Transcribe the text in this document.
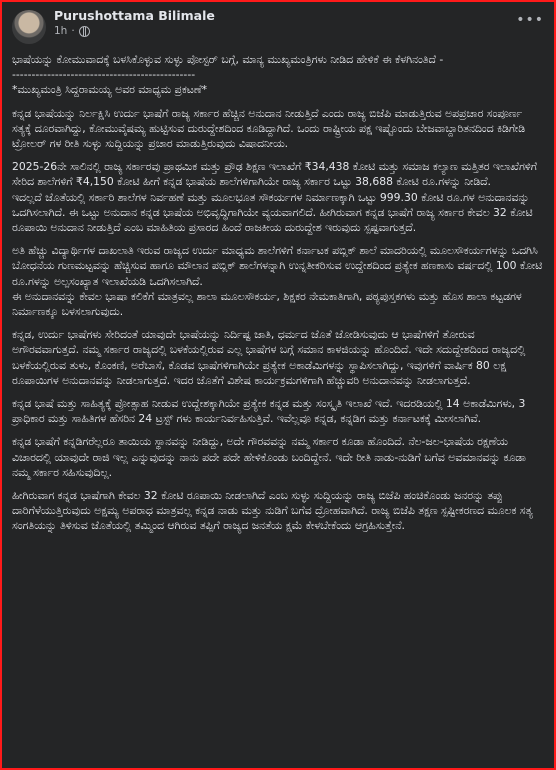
Purushottama Bilimale
1h ·
•••

ಭಾಷೆಯನ್ನು ಕೋಮುವಾದಕ್ಕೆ ಬಳಸಿಕೊಳ್ಳುವ ಸುಳ್ಳು ಪೋಸ್ಟರ್ ಬಗ್ಗೆ, ಮಾನ್ಯ ಮುಖ್ಯಮಂತ್ರಿಗಳು ನೀಡಿದ ಹೇಳಿಕೆ ಈ ಕೆಳಗಿನಂತಿದೆ -

-----------------------------------------------

*ಮುಖ್ಯಮಂತ್ರಿ ಸಿದ್ದರಾಮಯ್ಯ ಅವರ ಮಾಧ್ಯಮ ಪ್ರಕಟಣೆ*

ಕನ್ನಡ ಭಾಷೆಯನ್ನು ನಿರ್ಲಕ್ಷಿಸಿ ಉರ್ದು ಭಾಷೆಗೆ ರಾಜ್ಯ ಸರ್ಕಾರ ಹೆಚ್ಚಿನ ಅನುದಾನ ನೀಡುತ್ತಿದೆ ಎಂದು ರಾಜ್ಯ ಬಿಜೆಪಿ ಮಾಡುತ್ತಿರುವ ಅಪಪ್ರಚಾರ ಸಂಪೂರ್ಣ ಸತ್ಯಕ್ಕೆ ದೂರವಾಗಿದ್ದು, ಕೋಮುವೈಷಮ್ಯ ಹುಟ್ಟಿಸುವ ದುರುದ್ದೇಶದಿಂದ ಕೂಡಿದ್ದಾಗಿದೆ. ಒಂದು ರಾಷ್ಟ್ರೀಯ ಪಕ್ಷ ಇಷ್ಟೊಂದು ಬೇಜವಾಬ್ದಾರಿತನದಿಂದ ಕಿಡಿಗೇಡಿ ಟ್ರೋಲರ್ ಗಳ ರೀತಿ ಸುಳ್ಳು ಸುದ್ದಿಯನ್ನು ಪ್ರಚಾರ ಮಾಡುತ್ತಿರುವುದು ವಿಷಾದನೀಯ.

2025-26ನೇ ಸಾಲಿನಲ್ಲಿ ರಾಜ್ಯ ಸರ್ಕಾರವು ಪ್ರಾಥಮಿಕ ಮತ್ತು ಪ್ರೌಢ ಶಿಕ್ಷಣ ಇಲಾಖೆಗೆ ₹34,438 ಕೋಟಿ ಮತ್ತು ಸಮಾಜ ಕಲ್ಯಾಣ ಮತ್ತಿತರ ಇಲಾಖೆಗಳಿಗೆ ಸೇರಿದ ಶಾಲೆಗಳಿಗೆ ₹4,150 ಕೋಟಿ ಹೀಗೆ ಕನ್ನಡ ಭಾಷೆಯ ಶಾಲೆಗಳಿಗಾಗಿಯೇ ರಾಜ್ಯ ಸರ್ಕಾರ ಒಟ್ಟು 38,688 ಕೋಟಿ ರೂ.ಗಳನ್ನು ನೀಡಿದೆ.

ಇದಲ್ಲದೆ ಜೊತೆಯಲ್ಲಿ ಸರ್ಕಾರಿ ಶಾಲೆಗಳ ನಿರ್ವಹಣೆ ಮತ್ತು ಮೂಲಭೂತ ಸೌಕರ್ಯಗಳ ನಿರ್ಮಾಣಕ್ಕಾಗಿ ಒಟ್ಟು 999.30 ಕೋಟಿ ರೂ.ಗಳ ಅನುದಾನವನ್ನು ಒದಗಿಸಲಾಗಿದೆ. ಈ ಒಟ್ಟು ಅನುದಾನ ಕನ್ನಡ ಭಾಷೆಯ ಅಭಿವೃದ್ಧಿಗಾಗಿಯೇ ವ್ಯಯವಾಗಲಿದೆ. ಹೀಗಿರುವಾಗ ಕನ್ನಡ ಭಾಷೆಗೆ ರಾಜ್ಯ ಸರ್ಕಾರ ಕೇವಲ 32 ಕೋಟಿ ರೂಪಾಯಿ ಅನುದಾನ ನೀಡುತ್ತಿದೆ ಎಂಬ ಮಾಹಿತಿಯ ಪ್ರಸಾರದ ಹಿಂದೆ ರಾಜಕೀಯ ದುರುದ್ದೇಶ ಇರುವುದು ಸ್ಪಷ್ಟವಾಗುತ್ತದೆ.

ಅತಿ ಹೆಚ್ಚು ವಿದ್ಯಾರ್ಥಿಗಳ ದಾಖಲಾತಿ ಇರುವ ರಾಜ್ಯದ ಉರ್ದು ಮಾಧ್ಯಮ ಶಾಲೆಗಳಿಗೆ ಕರ್ನಾಟಕ ಪಬ್ಲಿಕ್ ಶಾಲೆ ಮಾದರಿಯಲ್ಲಿ ಮೂಲಸೌಕರ್ಯಗಳನ್ನು ಒದಗಿಸಿ ಬೋಧನೆಯ ಗುಣಮಟ್ಟವನ್ನು ಹೆಚ್ಚಿಸುವ ಹಾಗೂ ಮೌಲಾನ ಪಬ್ಲಿಕ್ ಶಾಲೆಗಳನ್ನಾಗಿ ಉನ್ನತೀಕರಿಸುವ ಉದ್ದೇಶದಿಂದ ಪ್ರತ್ಯೇಕ ಹಣಕಾಸು ವರ್ಷದಲ್ಲಿ 100 ಕೋಟಿ ರೂ.ಗಳನ್ನು ಅಲ್ಪಸಂಖ್ಯಾತ ಇಲಾಖೆಯಡಿ ಒದಗಿಸಲಾಗಿದೆ.

ಈ ಅನುದಾನವನ್ನು ಕೇವಲ ಭಾಷಾ ಕಲಿಕೆಗೆ ಮಾತ್ರವಲ್ಲ ಶಾಲಾ ಮೂಲಸೌಕರ್ಯ, ಶಿಕ್ಷಕರ ನೇಮಕಾತಿಗಾಗಿ, ಪಠ್ಯಪುಸ್ತಕಗಳು ಮತ್ತು ಹೊಸ ಶಾಲಾ ಕಟ್ಟಡಗಳ ನಿರ್ಮಾಣಕ್ಕೂ ಬಳಸಲಾಗುವುದು.

ಕನ್ನಡ, ಉರ್ದು ಭಾಷೆಗಳು ಸೇರಿದಂತೆ ಯಾವುದೇ ಭಾಷೆಯನ್ನು ನಿರ್ದಿಷ್ಟ ಜಾತಿ, ಧರ್ಮದ ಜೊತೆ ಜೋಡಿಸುವುದು ಆ ಭಾಷೆಗಳಿಗೆ ತೋರುವ ಅಗೌರವವಾಗುತ್ತದೆ. ನಮ್ಮ ಸರ್ಕಾರ ರಾಜ್ಯದಲ್ಲಿ ಬಳಕೆಯಲ್ಲಿರುವ ಎಲ್ಲ ಭಾಷೆಗಳ ಬಗ್ಗೆ ಸಮಾನ ಕಾಳಜಿಯನ್ನು ಹೊಂದಿದೆ. ಇದೇ ಸದುದ್ದೇಶದಿಂದ ರಾಜ್ಯದಲ್ಲಿ ಬಳಕೆಯಲ್ಲಿರುವ ತುಳು, ಕೊಂಕಣಿ, ಅರೆಬಾಸೆ, ಕೊಡವ ಭಾಷೆಗಳಿಗಾಗಿಯೇ ಪ್ರತ್ಯೇಕ ಅಕಾಡೆಮಿಗಳನ್ನು ಸ್ಥಾಪಿಸಲಾಗಿದ್ದು, ಇವುಗಳಿಗೆ ವಾರ್ಷಿಕ 80 ಲಕ್ಷ ರೂಪಾಯಿಗಳ ಅನುದಾನವನ್ನು ನೀಡಲಾಗುತ್ತದೆ. ಇದರ ಜೊತೆಗೆ ವಿಶೇಷ ಕಾರ್ಯಕ್ರಮಗಳಿಗಾಗಿ ಹೆಚ್ಚುವರಿ ಅನುದಾನವನ್ನು ನೀಡಲಾಗುತ್ತದೆ.

ಕನ್ನಡ ಭಾಷೆ ಮತ್ತು ಸಾಹಿತ್ಯಕ್ಕೆ ಪ್ರೋತ್ಸಾಹ ನೀಡುವ ಉದ್ದೇಶಕ್ಕಾಗಿಯೇ ಪ್ರತ್ಯೇಕ ಕನ್ನಡ ಮತ್ತು ಸಂಸ್ಕೃತಿ ಇಲಾಖೆ ಇದೆ. ಇದರಡಿಯಲ್ಲಿ 14 ಅಕಾಡೆಮಿಗಳು, 3 ಪ್ರಾಧಿಕಾರ ಮತ್ತು ಸಾಹಿತಿಗಳ ಹೆಸರಿನ 24 ಟ್ರಸ್ಟ್ ಗಳು ಕಾರ್ಯನಿರ್ವಹಿಸುತ್ತಿವೆ. ಇವೆಲ್ಲವೂ ಕನ್ನಡ, ಕನ್ನಡಿಗ ಮತ್ತು ಕರ್ನಾಟಕಕ್ಕೆ ಮೀಸಲಾಗಿವೆ.

ಕನ್ನಡ ಭಾಷೆಗೆ ಕನ್ನಡಿಗರೆಲ್ಲರೂ ತಾಯಿಯ ಸ್ಥಾನವನ್ನು ನೀಡಿದ್ದು, ಅದೇ ಗೌರವವನ್ನು ನಮ್ಮ ಸರ್ಕಾರ ಕೂಡಾ ಹೊಂದಿದೆ. ನೆಲ-ಜಲ-ಭಾಷೆಯ ರಕ್ಷಣೆಯ ವಿಚಾರದಲ್ಲಿ ಯಾವುದೇ ರಾಜಿ ಇಲ್ಲ ಎನ್ನುವುದನ್ನು ನಾನು ಪದೇ ಪದೇ ಹೇಳಿಕೊಂಡು ಬಂದಿದ್ದೇನೆ. ಇದೇ ರೀತಿ ನಾಡು-ನುಡಿಗೆ ಬಗೆವ ಅವಮಾನವನ್ನು ಕೂಡಾ ನಮ್ಮ ಸರ್ಕಾರ ಸಹಿಸುವುದಿಲ್ಲ.

ಹೀಗಿರುವಾಗ ಕನ್ನಡ ಭಾಷೆಗಾಗಿ ಕೇವಲ 32 ಕೋಟಿ ರೂಪಾಯಿ ನೀಡಲಾಗಿದೆ ಎಂಬ ಸುಳ್ಳು ಸುದ್ದಿಯನ್ನು ರಾಜ್ಯ ಬಿಜೆಪಿ ಹಂಚಿಕೊಂಡು ಜನರನ್ನು ತಪ್ಪು ದಾರಿಗೆಳೆಯುತ್ತಿರುವುದು ಅಕ್ಷಮ್ಯ ಅಪರಾಧ ಮಾತ್ರವಲ್ಲ ಕನ್ನಡ ನಾಡು ಮತ್ತು ನುಡಿಗೆ ಬಗೆವ ದ್ರೋಹವಾಗಿದೆ. ರಾಜ್ಯ ಬಿಜೆಪಿ ತಕ್ಷಣ ಸ್ಪಷ್ಟೀಕರಣದ ಮೂಲಕ ಸತ್ಯ ಸಂಗತಿಯನ್ನು ತಿಳಿಸುವ ಜೊತೆಯಲ್ಲಿ ತಮ್ಮಿಂದ ಆಗಿರುವ ತಪ್ಪಿಗೆ ರಾಜ್ಯದ ಜನತೆಯ ಕ್ಷಮೆ ಕೇಳಬೇಕೆಂದು ಆಗ್ರಹಿಸುತ್ತೇನೆ.
